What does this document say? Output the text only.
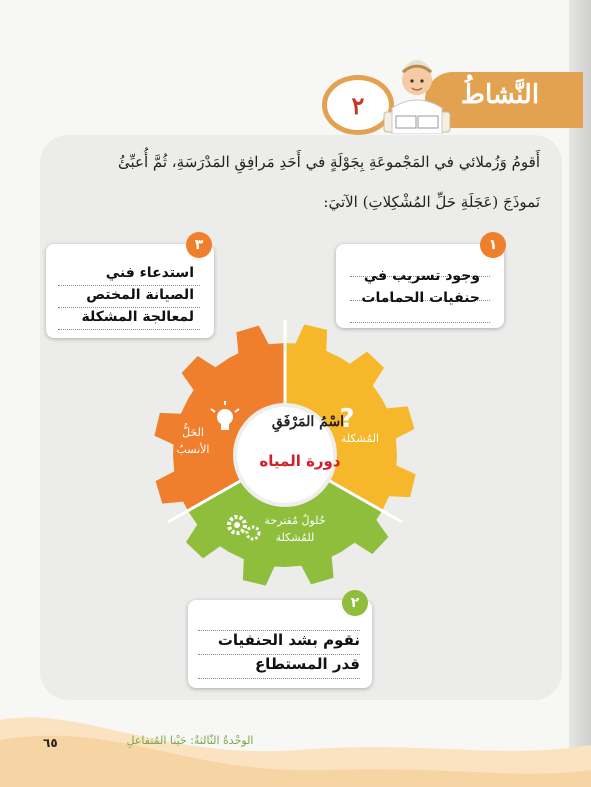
النَّشاطُ
٢
أَقومُ وَزُملائي في المَجْموعَةِ بِجَوْلَةٍ في أَحَدِ مَرافِقِ المَدْرَسَةِ، ثُمَّ أُعبِّئُ
نَموذَجَ (عَجَلَةِ حَلِّ المُشْكِلاتِ) الآتيَ:
وجود تسريب في
حنفيات الحمامات
١
استدعاء فني
الصيانة المختص
لمعالجة المشكلة
٣
نقوم بشد الحنفيات
قدر المستطاع
٢
?
المُشكلة
الحَلُّ
الأنسبُ
حُلولٌ مُقترحة
للمُشكلة
اسْمُ المَرْفَقِ
دورة المياه
الوحْدةُ الثّالثةُ: حَيْنا المُتفاعلِ
٦٥
